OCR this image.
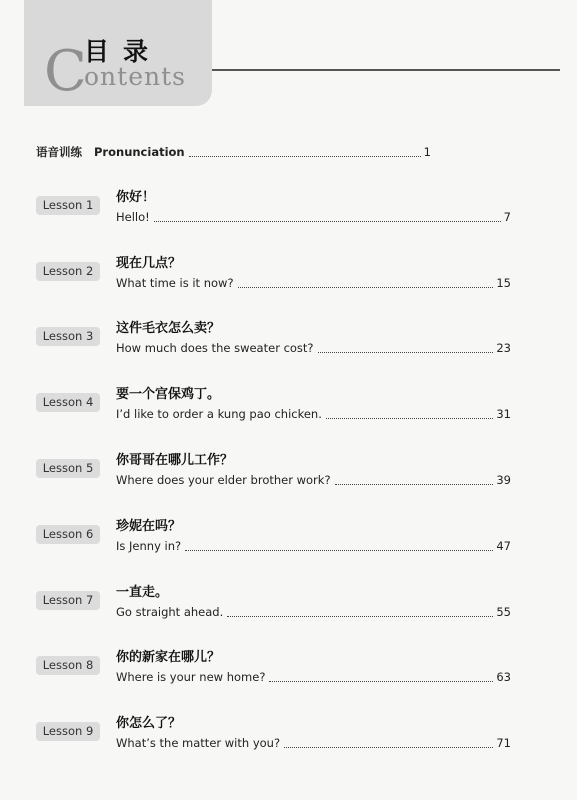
C
ontents
目录
语音训练 Pronunciation	1
Lesson 1	你好！
Hello!	7
Lesson 2	现在几点？
What time is it now?	15
Lesson 3	这件毛衣怎么卖？
How much does the sweater cost?	23
Lesson 4	要一个宫保鸡丁。
I’d like to order a kung pao chicken.	31
Lesson 5	你哥哥在哪儿工作？
Where does your elder brother work?	39
Lesson 6	珍妮在吗？
Is Jenny in?	47
Lesson 7	一直走。
Go straight ahead.	55
Lesson 8	你的新家在哪儿？
Where is your new home?	63
Lesson 9	你怎么了？
What’s the matter with you?	71
